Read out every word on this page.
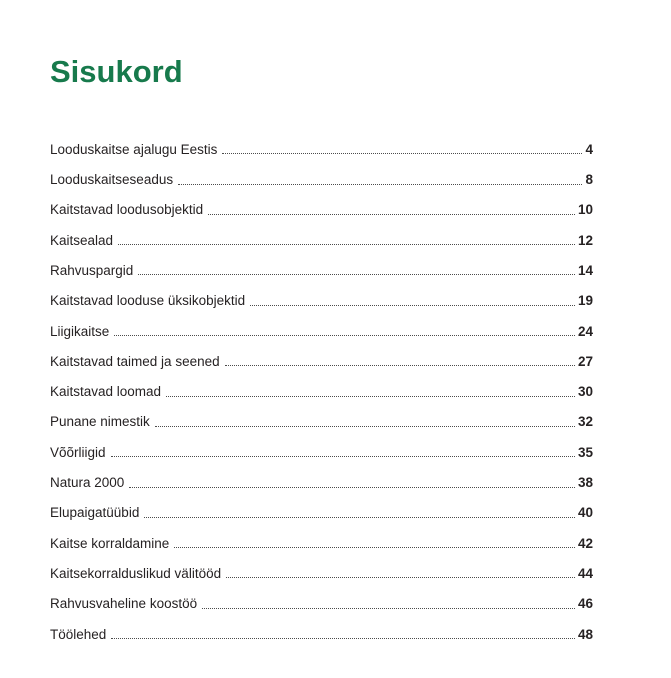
Sisukord
Looduskaitse ajalugu Eestis	4
Looduskaitseseadus	8
Kaitstavad loodusobjektid	10
Kaitsealad	12
Rahvuspargid	14
Kaitstavad looduse üksikobjektid	19
Liigikaitse	24
Kaitstavad taimed ja seened	27
Kaitstavad loomad	30
Punane nimestik	32
Võõrliigid	35
Natura 2000	38
Elupaigatüübid	40
Kaitse korraldamine	42
Kaitsekorralduslikud välitööd	44
Rahvusvaheline koostöö	46
Töölehed	48
